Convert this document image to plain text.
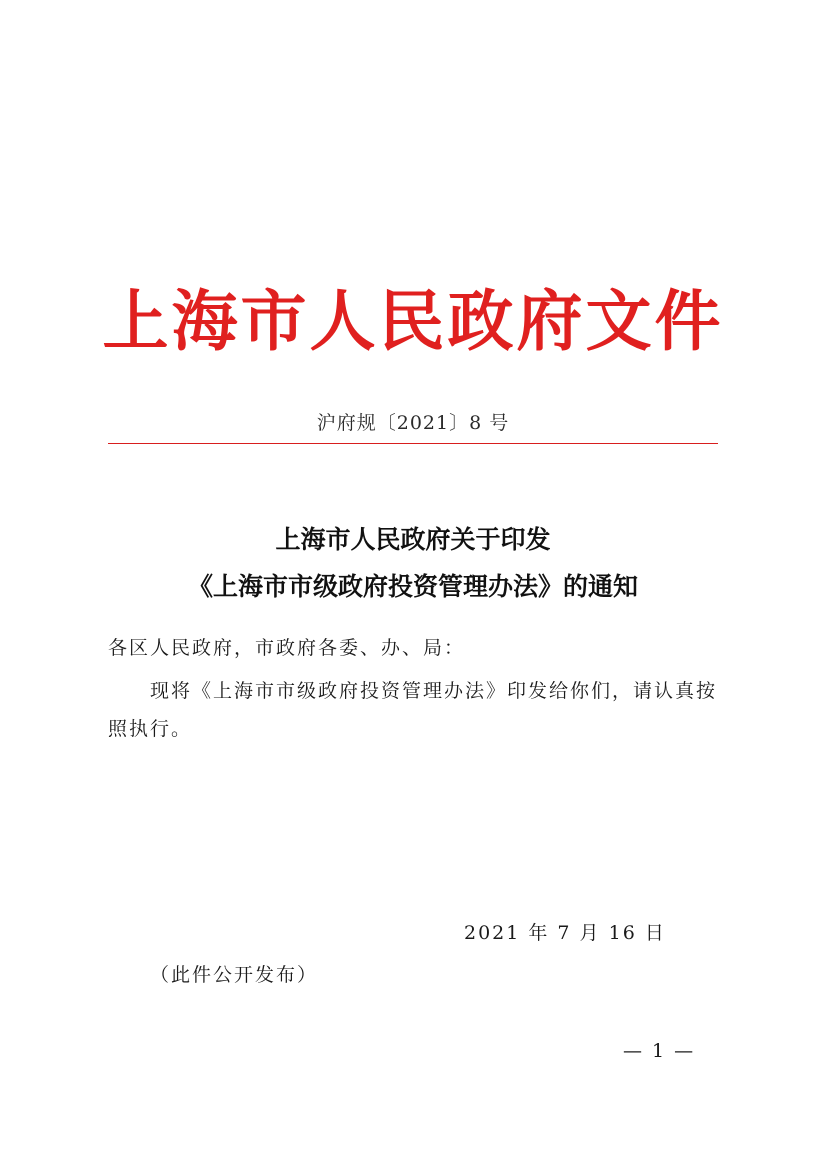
上海市人民政府文件
沪府规〔2021〕8 号
上海市人民政府关于印发
《上海市市级政府投资管理办法》的通知
各区人民政府，市政府各委、办、局：
现将《上海市市级政府投资管理办法》印发给你们，请认真按
照执行。
2021 年 7 月 16 日
（此件公开发布）
— 1 —
